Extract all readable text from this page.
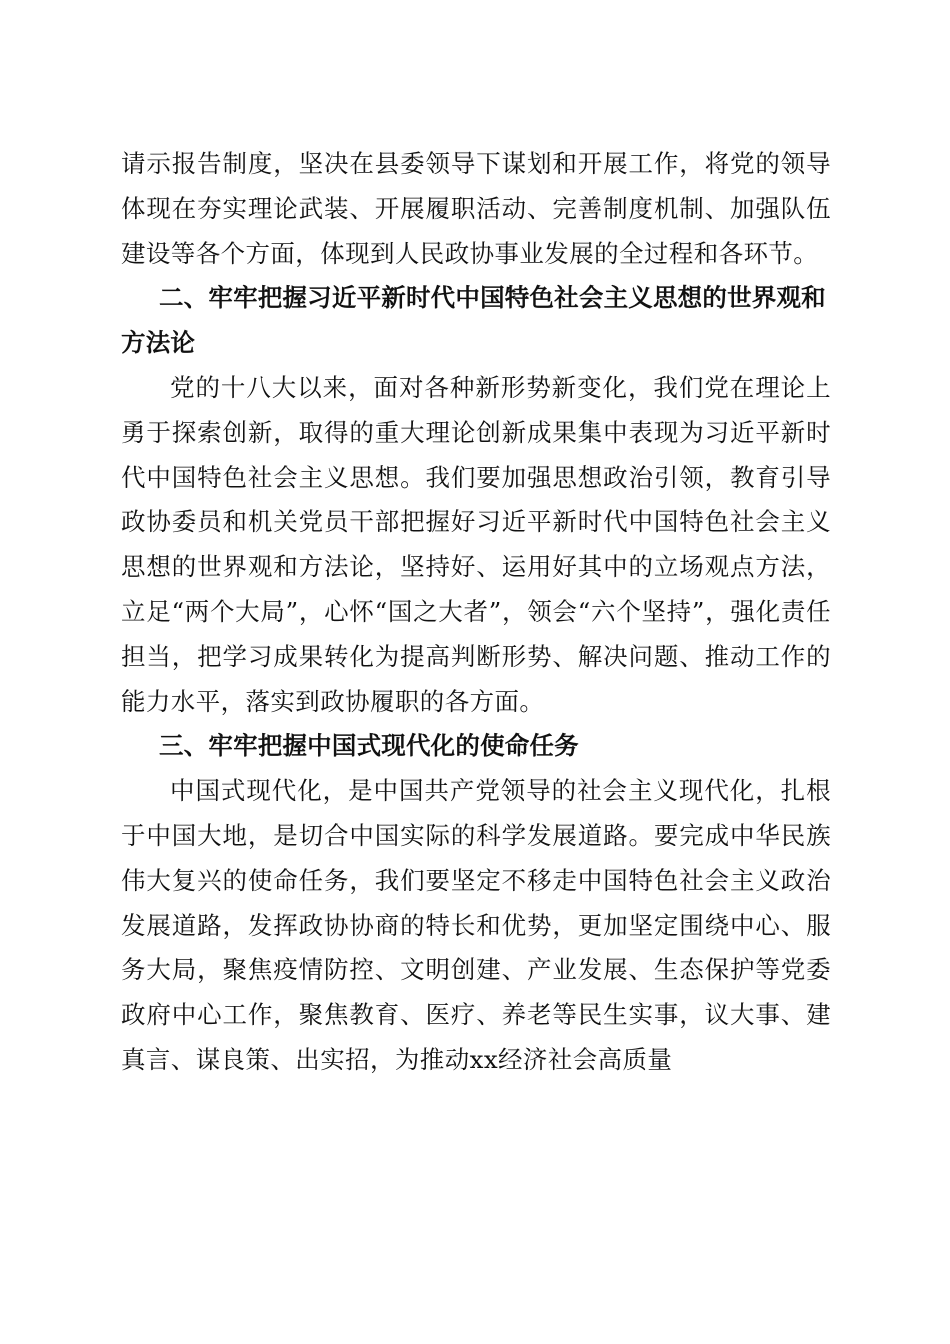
请示报告制度，坚决在县委领导下谋划和开展工作，将党的领导体现在夯实理论武装、开展履职活动、完善制度机制、加强队伍建设等各个方面，体现到人民政协事业发展的全过程和各环节。

二、牢牢把握习近平新时代中国特色社会主义思想的世界观和方法论

党的十八大以来，面对各种新形势新变化，我们党在理论上勇于探索创新，取得的重大理论创新成果集中表现为习近平新时代中国特色社会主义思想。我们要加强思想政治引领，教育引导政协委员和机关党员干部把握好习近平新时代中国特色社会主义思想的世界观和方法论，坚持好、运用好其中的立场观点方法，立足“两个大局”，心怀“国之大者”，领会“六个坚持”，强化责任担当，把学习成果转化为提高判断形势、解决问题、推动工作的能力水平，落实到政协履职的各方面。

三、牢牢把握中国式现代化的使命任务

中国式现代化，是中国共产党领导的社会主义现代化，扎根于中国大地，是切合中国实际的科学发展道路。要完成中华民族伟大复兴的使命任务，我们要坚定不移走中国特色社会主义政治发展道路，发挥政协协商的特长和优势，更加坚定围绕中心、服务大局，聚焦疫情防控、文明创建、产业发展、生态保护等党委政府中心工作，聚焦教育、医疗、养老等民生实事，议大事、建真言、谋良策、出实招，为推动xx经济社会高质量
